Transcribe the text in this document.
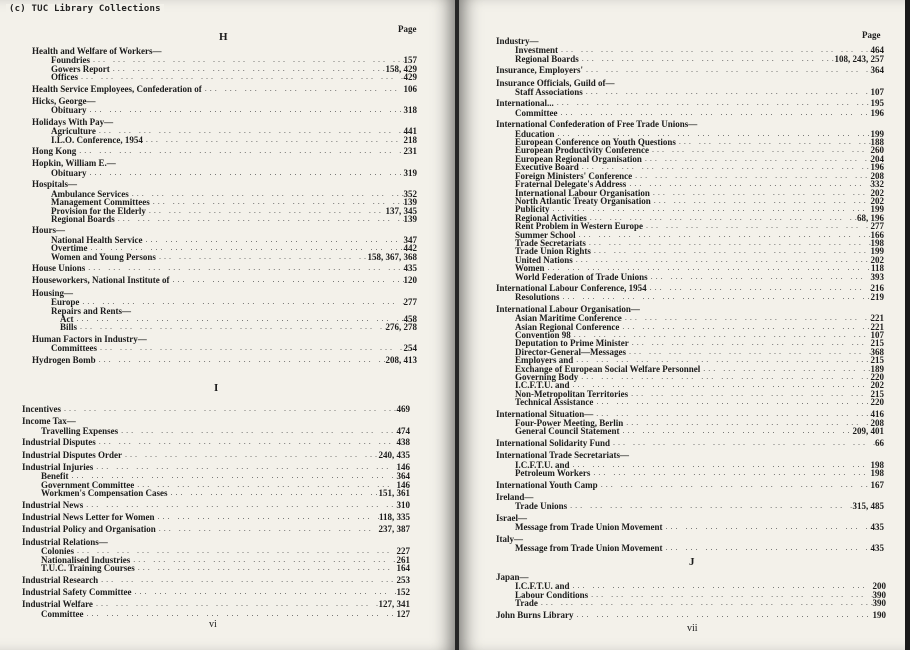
Page
H
Health and Welfare of Workers—
Foundries ... .	157
Gowers Report ... .	158, 429
Offices ... .	429
Health Service Employees, Confederation of ... .	106
Hicks, George—
Obituary ... .	318
Holidays With Pay—
Agriculture ... .	441
I.L.O. Conference, 1954 ... .	218
Hong Kong ... .	231
Hopkin, William E.—
Obituary ... .	319
Hospitals—
Ambulance Services ... .	352
Management Committees ... .	139
Provision for the Elderly ... .	137, 345
Regional Boards ... .	139
Hours—
National Health Service ... .	347
Overtime ... .	442
Women and Young Persons ... .	158, 367, 368
House Unions ... .	435
Houseworkers, National Institute of ... .	120
Housing—
Europe ... .	277
Repairs and Rents—
Act ... .	458
Bills ... .	276, 278
Human Factors in Industry—
Committees ... .	254
Hydrogen Bomb ... .	208, 413
I
Incentives ... .	469
Income Tax—
Travelling Expenses ... .	474
Industrial Disputes ... .	438
Industrial Disputes Order ... .	240, 435
Industrial Injuries ... .	146
Benefit ... .	364
Government Committee ... .	146
Workmen's Compensation Cases ... .	151, 361
Industrial News ... .	310
Industrial News Letter for Women ... .	118, 335
Industrial Policy and Organisation ... .	237, 387
Industrial Relations—
Colonies ... .	227
Nationalised Industries ... .	261
T.U.C. Training Courses ... .	164
Industrial Research ... .	253
Industrial Safety Committee ... .	152
Industrial Welfare ... .	127, 341
Committee ... .	127
vi
Page
Industry—
Investment ... .	464
Regional Boards ... .	108, 243, 257
Insurance, Employers' ... .	364
Insurance Officials, Guild of—
Staff Associations ... .	107
International... ... .	195
Committee ... .	196
International Confederation of Free Trade Unions—
Education ... .	199
European Conference on Youth Questions ... .	188
European Productivity Conference ... .	260
European Regional Organisation ... .	204
Executive Board ... .	196
Foreign Ministers' Conference ... .	208
Fraternal Delegate's Address ... .	332
International Labour Organisation ... .	202
North Atlantic Treaty Organisation ... .	202
Publicity ... .	199
Regional Activities ... .	68, 196
Rent Problem in Western Europe ... .	277
Summer School ... .	166
Trade Secretariats ... .	198
Trade Union Rights ... .	199
United Nations ... .	202
Women ... .	118
World Federation of Trade Unions ... .	393
International Labour Conference, 1954 ... .	216
Resolutions ... .	219
International Labour Organisation—
Asian Maritime Conference ... .	221
Asian Regional Conference ... .	221
Convention 98 ... .	107
Deputation to Prime Minister ... .	215
Director-General—Messages ... .	368
Employers and ... .	215
Exchange of European Social Welfare Personnel ... .	189
Governing Body ... .	220
I.C.F.T.U. and ... .	202
Non-Metropolitan Territories ... .	215
Technical Assistance ... .	220
International Situation— ... .	416
Four-Power Meeting, Berlin ... .	208
General Council Statement ... .	209, 401
International Solidarity Fund ... .	66
International Trade Secretariats—
I.C.F.T.U. and ... .	198
Petroleum Workers ... .	198
International Youth Camp ... .	167
Ireland—
Trade Unions ... .	315, 485
Israel—
Message from Trade Union Movement ... .	435
Italy—
Message from Trade Union Movement ... .	435
J
Japan—
I.C.F.T.U. and ... .	200
Labour Conditions ... .	390
Trade ... .	390
John Burns Library ... .	190
vii
(c) TUC Library Collections
